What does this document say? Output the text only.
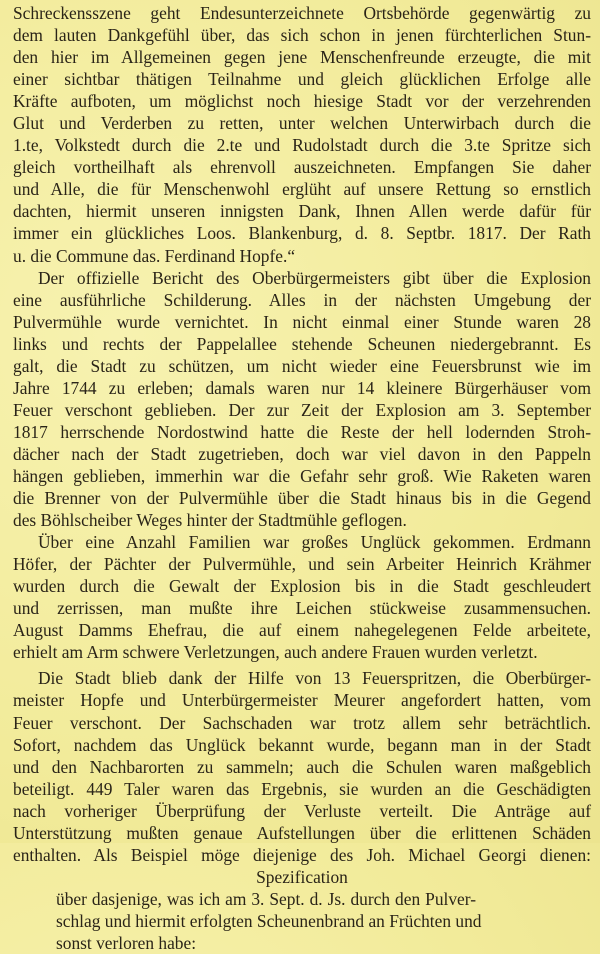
Schreckensszene geht Endesunterzeichnete Ortsbehörde gegenwärtig zu
dem lauten Dankgefühl über, das sich schon in jenen fürchterlichen Stun-
den hier im Allgemeinen gegen jene Menschenfreunde erzeugte, die mit
einer sichtbar thätigen Teilnahme und gleich glücklichen Erfolge alle
Kräfte aufboten, um möglichst noch hiesige Stadt vor der verzehrenden
Glut und Verderben zu retten, unter welchen Unterwirbach durch die
1.te, Volkstedt durch die 2.te und Rudolstadt durch die 3.te Spritze sich
gleich vortheilhaft als ehrenvoll auszeichneten. Empfangen Sie daher
und Alle, die für Menschenwohl erglüht auf unsere Rettung so ernstlich
dachten, hiermit unseren innigsten Dank, Ihnen Allen werde dafür für
immer ein glückliches Loos. Blankenburg, d. 8. Septbr. 1817. Der Rath
u. die Commune das. Ferdinand Hopfe.“
Der offizielle Bericht des Oberbürgermeisters gibt über die Explosion
eine ausführliche Schilderung. Alles in der nächsten Umgebung der
Pulvermühle wurde vernichtet. In nicht einmal einer Stunde waren 28
links und rechts der Pappelallee stehende Scheunen niedergebrannt. Es
galt, die Stadt zu schützen, um nicht wieder eine Feuersbrunst wie im
Jahre 1744 zu erleben; damals waren nur 14 kleinere Bürgerhäuser vom
Feuer verschont geblieben. Der zur Zeit der Explosion am 3. September
1817 herrschende Nordostwind hatte die Reste der hell lodernden Stroh-
dächer nach der Stadt zugetrieben, doch war viel davon in den Pappeln
hängen geblieben, immerhin war die Gefahr sehr groß. Wie Raketen waren
die Brenner von der Pulvermühle über die Stadt hinaus bis in die Gegend
des Böhlscheiber Weges hinter der Stadtmühle geflogen.
Über eine Anzahl Familien war großes Unglück gekommen. Erdmann
Höfer, der Pächter der Pulvermühle, und sein Arbeiter Heinrich Krähmer
wurden durch die Gewalt der Explosion bis in die Stadt geschleudert
und zerrissen, man mußte ihre Leichen stückweise zusammensuchen.
August Damms Ehefrau, die auf einem nahegelegenen Felde arbeitete,
erhielt am Arm schwere Verletzungen, auch andere Frauen wurden verletzt.
Die Stadt blieb dank der Hilfe von 13 Feuerspritzen, die Oberbürger-
meister Hopfe und Unterbürgermeister Meurer angefordert hatten, vom
Feuer verschont. Der Sachschaden war trotz allem sehr beträchtlich.
Sofort, nachdem das Unglück bekannt wurde, begann man in der Stadt
und den Nachbarorten zu sammeln; auch die Schulen waren maßgeblich
beteiligt. 449 Taler waren das Ergebnis, sie wurden an die Geschädigten
nach vorheriger Überprüfung der Verluste verteilt. Die Anträge auf
Unterstützung mußten genaue Aufstellungen über die erlittenen Schäden
enthalten. Als Beispiel möge diejenige des Joh. Michael Georgi dienen:
Spezification
über dasjenige, was ich am 3. Sept. d. Js. durch den Pulver-
schlag und hiermit erfolgten Scheunenbrand an Früchten und
sonst verloren habe:
